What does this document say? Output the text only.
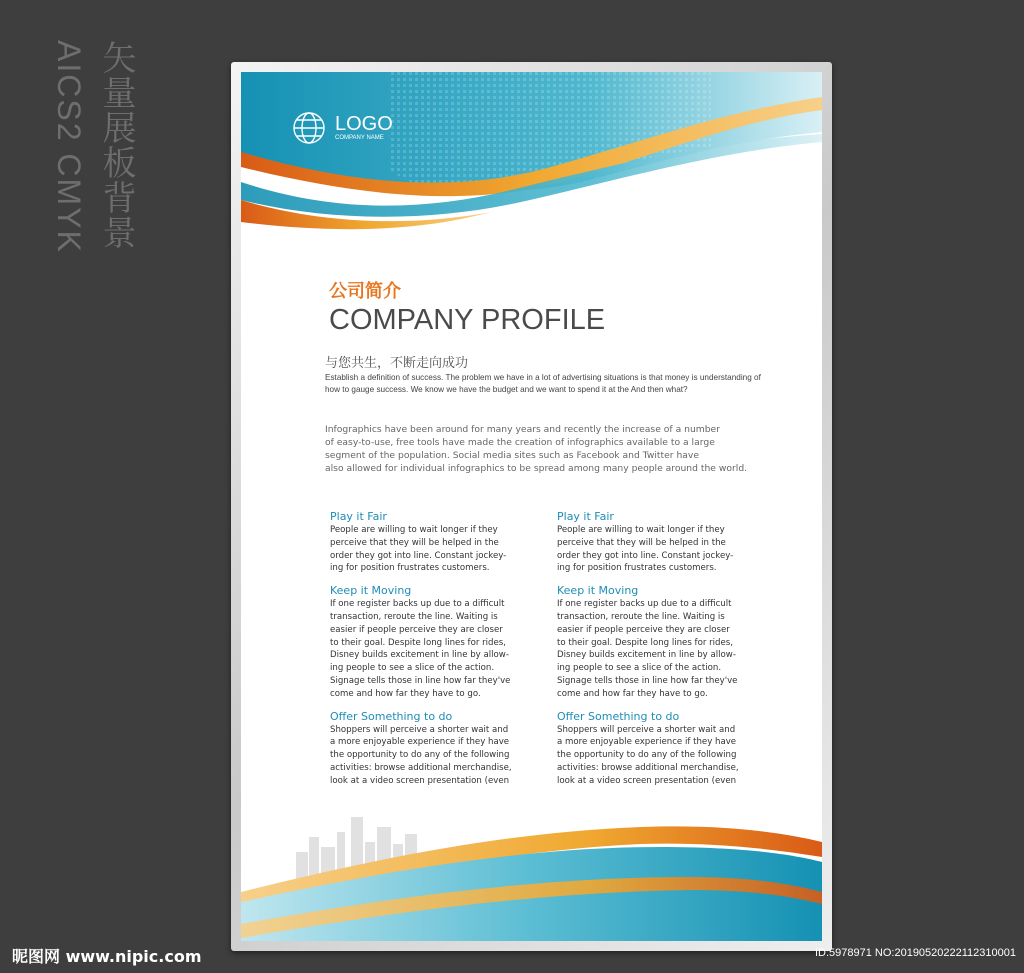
矢量展板背景
AICS2 CMYK	LOGO
COMPANY NAME
公司简介
COMPANY PROFILE
与您共生，不断走向成功
Establish a definition of success. The problem we have in a lot of advertising situations is that money is understanding of how to gauge success. We know we have the budget and we want to spend it at the And then what?
Infographics have been around for many years and recently the increase of a number
of easy-to-use, free tools have made the creation of infographics available to a large
segment of the population. Social media sites such as Facebook and Twitter have
also allowed for individual infographics to be spread among many people around the world.
Play it Fair
People are willing to wait longer if they
perceive that they will be helped in the
order they got into line. Constant jockey-
ing for position frustrates customers.
Keep it Moving
If one register backs up due to a difficult
transaction, reroute the line. Waiting is
easier if people perceive they are closer
to their goal. Despite long lines for rides,
Disney builds excitement in line by allow-
ing people to see a slice of the action.
Signage tells those in line how far they've
come and how far they have to go.
Offer Something to do
Shoppers will perceive a shorter wait and
a more enjoyable experience if they have
the opportunity to do any of the following
activities: browse additional merchandise,
look at a video screen presentation (even
Play it Fair
People are willing to wait longer if they
perceive that they will be helped in the
order they got into line. Constant jockey-
ing for position frustrates customers.
Keep it Moving
If one register backs up due to a difficult
transaction, reroute the line. Waiting is
easier if people perceive they are closer
to their goal. Despite long lines for rides,
Disney builds excitement in line by allow-
ing people to see a slice of the action.
Signage tells those in line how far they've
come and how far they have to go.
Offer Something to do
Shoppers will perceive a shorter wait and
a more enjoyable experience if they have
the opportunity to do any of the following
activities: browse additional merchandise,
look at a video screen presentation (even
昵图网 www.nipic.com	ID:5978971 NO:20190520222112310001
